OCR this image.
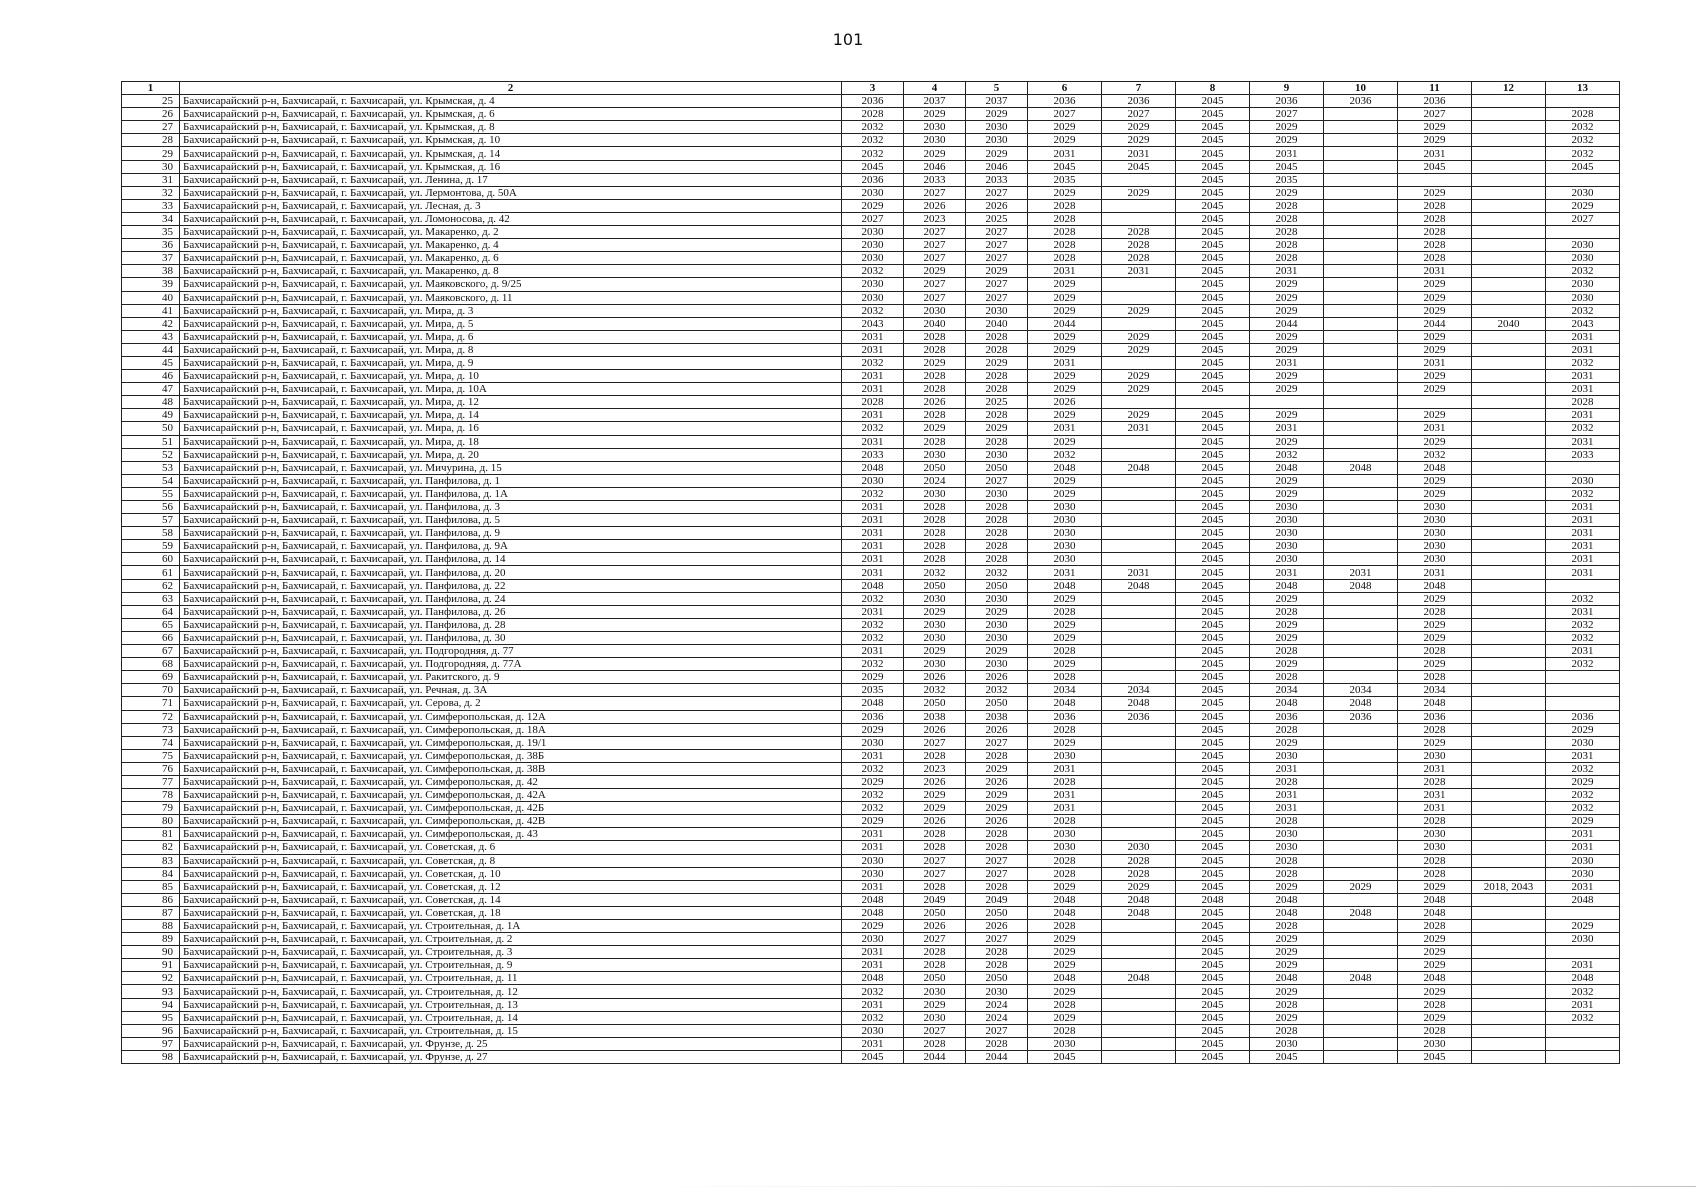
101
1	2	3	4	5	6	7	8	9	10	11	12	13
25	Бахчисарайский р-н, Бахчисарай, г. Бахчисарай, ул. Крымская, д. 4	2036	2037	2037	2036	2036	2045	2036	2036	2036		
26	Бахчисарайский р-н, Бахчисарай, г. Бахчисарай, ул. Крымская, д. 6	2028	2029	2029	2027	2027	2045	2027		2027		2028
27	Бахчисарайский р-н, Бахчисарай, г. Бахчисарай, ул. Крымская, д. 8	2032	2030	2030	2029	2029	2045	2029		2029		2032
28	Бахчисарайский р-н, Бахчисарай, г. Бахчисарай, ул. Крымская, д. 10	2032	2030	2030	2029	2029	2045	2029		2029		2032
29	Бахчисарайский р-н, Бахчисарай, г. Бахчисарай, ул. Крымская, д. 14	2032	2029	2029	2031	2031	2045	2031		2031		2032
30	Бахчисарайский р-н, Бахчисарай, г. Бахчисарай, ул. Крымская, д. 16	2045	2046	2046	2045	2045	2045	2045		2045		2045
31	Бахчисарайский р-н, Бахчисарай, г. Бахчисарай, ул. Ленина, д. 17	2036	2033	2033	2035		2045	2035				
32	Бахчисарайский р-н, Бахчисарай, г. Бахчисарай, ул. Лермонтова, д. 50А	2030	2027	2027	2029	2029	2045	2029		2029		2030
33	Бахчисарайский р-н, Бахчисарай, г. Бахчисарай, ул. Лесная, д. 3	2029	2026	2026	2028		2045	2028		2028		2029
34	Бахчисарайский р-н, Бахчисарай, г. Бахчисарай, ул. Ломоносова, д. 42	2027	2023	2025	2028		2045	2028		2028		2027
35	Бахчисарайский р-н, Бахчисарай, г. Бахчисарай, ул. Макаренко, д. 2	2030	2027	2027	2028	2028	2045	2028		2028		
36	Бахчисарайский р-н, Бахчисарай, г. Бахчисарай, ул. Макаренко, д. 4	2030	2027	2027	2028	2028	2045	2028		2028		2030
37	Бахчисарайский р-н, Бахчисарай, г. Бахчисарай, ул. Макаренко, д. 6	2030	2027	2027	2028	2028	2045	2028		2028		2030
38	Бахчисарайский р-н, Бахчисарай, г. Бахчисарай, ул. Макаренко, д. 8	2032	2029	2029	2031	2031	2045	2031		2031		2032
39	Бахчисарайский р-н, Бахчисарай, г. Бахчисарай, ул. Маяковского, д. 9/25	2030	2027	2027	2029		2045	2029		2029		2030
40	Бахчисарайский р-н, Бахчисарай, г. Бахчисарай, ул. Маяковского, д. 11	2030	2027	2027	2029		2045	2029		2029		2030
41	Бахчисарайский р-н, Бахчисарай, г. Бахчисарай, ул. Мира, д. 3	2032	2030	2030	2029	2029	2045	2029		2029		2032
42	Бахчисарайский р-н, Бахчисарай, г. Бахчисарай, ул. Мира, д. 5	2043	2040	2040	2044		2045	2044		2044	2040	2043
43	Бахчисарайский р-н, Бахчисарай, г. Бахчисарай, ул. Мира, д. 6	2031	2028	2028	2029	2029	2045	2029		2029		2031
44	Бахчисарайский р-н, Бахчисарай, г. Бахчисарай, ул. Мира, д. 8	2031	2028	2028	2029	2029	2045	2029		2029		2031
45	Бахчисарайский р-н, Бахчисарай, г. Бахчисарай, ул. Мира, д. 9	2032	2029	2029	2031		2045	2031		2031		2032
46	Бахчисарайский р-н, Бахчисарай, г. Бахчисарай, ул. Мира, д. 10	2031	2028	2028	2029	2029	2045	2029		2029		2031
47	Бахчисарайский р-н, Бахчисарай, г. Бахчисарай, ул. Мира, д. 10А	2031	2028	2028	2029	2029	2045	2029		2029		2031
48	Бахчисарайский р-н, Бахчисарай, г. Бахчисарай, ул. Мира, д. 12	2028	2026	2025	2026							2028
49	Бахчисарайский р-н, Бахчисарай, г. Бахчисарай, ул. Мира, д. 14	2031	2028	2028	2029	2029	2045	2029		2029		2031
50	Бахчисарайский р-н, Бахчисарай, г. Бахчисарай, ул. Мира, д. 16	2032	2029	2029	2031	2031	2045	2031		2031		2032
51	Бахчисарайский р-н, Бахчисарай, г. Бахчисарай, ул. Мира, д. 18	2031	2028	2028	2029		2045	2029		2029		2031
52	Бахчисарайский р-н, Бахчисарай, г. Бахчисарай, ул. Мира, д. 20	2033	2030	2030	2032		2045	2032		2032		2033
53	Бахчисарайский р-н, Бахчисарай, г. Бахчисарай, ул. Мичурина, д. 15	2048	2050	2050	2048	2048	2045	2048	2048	2048		
54	Бахчисарайский р-н, Бахчисарай, г. Бахчисарай, ул. Панфилова, д. 1	2030	2024	2027	2029		2045	2029		2029		2030
55	Бахчисарайский р-н, Бахчисарай, г. Бахчисарай, ул. Панфилова, д. 1А	2032	2030	2030	2029		2045	2029		2029		2032
56	Бахчисарайский р-н, Бахчисарай, г. Бахчисарай, ул. Панфилова, д. 3	2031	2028	2028	2030		2045	2030		2030		2031
57	Бахчисарайский р-н, Бахчисарай, г. Бахчисарай, ул. Панфилова, д. 5	2031	2028	2028	2030		2045	2030		2030		2031
58	Бахчисарайский р-н, Бахчисарай, г. Бахчисарай, ул. Панфилова, д. 9	2031	2028	2028	2030		2045	2030		2030		2031
59	Бахчисарайский р-н, Бахчисарай, г. Бахчисарай, ул. Панфилова, д. 9А	2031	2028	2028	2030		2045	2030		2030		2031
60	Бахчисарайский р-н, Бахчисарай, г. Бахчисарай, ул. Панфилова, д. 14	2031	2028	2028	2030		2045	2030		2030		2031
61	Бахчисарайский р-н, Бахчисарай, г. Бахчисарай, ул. Панфилова, д. 20	2031	2032	2032	2031	2031	2045	2031	2031	2031		2031
62	Бахчисарайский р-н, Бахчисарай, г. Бахчисарай, ул. Панфилова, д. 22	2048	2050	2050	2048	2048	2045	2048	2048	2048		
63	Бахчисарайский р-н, Бахчисарай, г. Бахчисарай, ул. Панфилова, д. 24	2032	2030	2030	2029		2045	2029		2029		2032
64	Бахчисарайский р-н, Бахчисарай, г. Бахчисарай, ул. Панфилова, д. 26	2031	2029	2029	2028		2045	2028		2028		2031
65	Бахчисарайский р-н, Бахчисарай, г. Бахчисарай, ул. Панфилова, д. 28	2032	2030	2030	2029		2045	2029		2029		2032
66	Бахчисарайский р-н, Бахчисарай, г. Бахчисарай, ул. Панфилова, д. 30	2032	2030	2030	2029		2045	2029		2029		2032
67	Бахчисарайский р-н, Бахчисарай, г. Бахчисарай, ул. Подгородняя, д. 77	2031	2029	2029	2028		2045	2028		2028		2031
68	Бахчисарайский р-н, Бахчисарай, г. Бахчисарай, ул. Подгородняя, д. 77А	2032	2030	2030	2029		2045	2029		2029		2032
69	Бахчисарайский р-н, Бахчисарай, г. Бахчисарай, ул. Ракитского, д. 9	2029	2026	2026	2028		2045	2028		2028		
70	Бахчисарайский р-н, Бахчисарай, г. Бахчисарай, ул. Речная, д. 3А	2035	2032	2032	2034	2034	2045	2034	2034	2034		
71	Бахчисарайский р-н, Бахчисарай, г. Бахчисарай, ул. Серова, д. 2	2048	2050	2050	2048	2048	2045	2048	2048	2048		
72	Бахчисарайский р-н, Бахчисарай, г. Бахчисарай, ул. Симферопольская, д. 12А	2036	2038	2038	2036	2036	2045	2036	2036	2036		2036
73	Бахчисарайский р-н, Бахчисарай, г. Бахчисарай, ул. Симферопольская, д. 18А	2029	2026	2026	2028		2045	2028		2028		2029
74	Бахчисарайский р-н, Бахчисарай, г. Бахчисарай, ул. Симферопольская, д. 19/1	2030	2027	2027	2029		2045	2029		2029		2030
75	Бахчисарайский р-н, Бахчисарай, г. Бахчисарай, ул. Симферопольская, д. 38Б	2031	2028	2028	2030		2045	2030		2030		2031
76	Бахчисарайский р-н, Бахчисарай, г. Бахчисарай, ул. Симферопольская, д. 38В	2032	2023	2029	2031		2045	2031		2031		2032
77	Бахчисарайский р-н, Бахчисарай, г. Бахчисарай, ул. Симферопольская, д. 42	2029	2026	2026	2028		2045	2028		2028		2029
78	Бахчисарайский р-н, Бахчисарай, г. Бахчисарай, ул. Симферопольская, д. 42А	2032	2029	2029	2031		2045	2031		2031		2032
79	Бахчисарайский р-н, Бахчисарай, г. Бахчисарай, ул. Симферопольская, д. 42Б	2032	2029	2029	2031		2045	2031		2031		2032
80	Бахчисарайский р-н, Бахчисарай, г. Бахчисарай, ул. Симферопольская, д. 42В	2029	2026	2026	2028		2045	2028		2028		2029
81	Бахчисарайский р-н, Бахчисарай, г. Бахчисарай, ул. Симферопольская, д. 43	2031	2028	2028	2030		2045	2030		2030		2031
82	Бахчисарайский р-н, Бахчисарай, г. Бахчисарай, ул. Советская, д. 6	2031	2028	2028	2030	2030	2045	2030		2030		2031
83	Бахчисарайский р-н, Бахчисарай, г. Бахчисарай, ул. Советская, д. 8	2030	2027	2027	2028	2028	2045	2028		2028		2030
84	Бахчисарайский р-н, Бахчисарай, г. Бахчисарай, ул. Советская, д. 10	2030	2027	2027	2028	2028	2045	2028		2028		2030
85	Бахчисарайский р-н, Бахчисарай, г. Бахчисарай, ул. Советская, д. 12	2031	2028	2028	2029	2029	2045	2029	2029	2029	2018, 2043	2031
86	Бахчисарайский р-н, Бахчисарай, г. Бахчисарай, ул. Советская, д. 14	2048	2049	2049	2048	2048	2048	2048		2048		2048
87	Бахчисарайский р-н, Бахчисарай, г. Бахчисарай, ул. Советская, д. 18	2048	2050	2050	2048	2048	2045	2048	2048	2048		
88	Бахчисарайский р-н, Бахчисарай, г. Бахчисарай, ул. Строительная, д. 1А	2029	2026	2026	2028		2045	2028		2028		2029
89	Бахчисарайский р-н, Бахчисарай, г. Бахчисарай, ул. Строительная, д. 2	2030	2027	2027	2029		2045	2029		2029		2030
90	Бахчисарайский р-н, Бахчисарай, г. Бахчисарай, ул. Строительная, д. 3	2031	2028	2028	2029		2045	2029		2029		
91	Бахчисарайский р-н, Бахчисарай, г. Бахчисарай, ул. Строительная, д. 9	2031	2028	2028	2029		2045	2029		2029		2031
92	Бахчисарайский р-н, Бахчисарай, г. Бахчисарай, ул. Строительная, д. 11	2048	2050	2050	2048	2048	2045	2048	2048	2048		2048
93	Бахчисарайский р-н, Бахчисарай, г. Бахчисарай, ул. Строительная, д. 12	2032	2030	2030	2029		2045	2029		2029		2032
94	Бахчисарайский р-н, Бахчисарай, г. Бахчисарай, ул. Строительная, д. 13	2031	2029	2024	2028		2045	2028		2028		2031
95	Бахчисарайский р-н, Бахчисарай, г. Бахчисарай, ул. Строительная, д. 14	2032	2030	2024	2029		2045	2029		2029		2032
96	Бахчисарайский р-н, Бахчисарай, г. Бахчисарай, ул. Строительная, д. 15	2030	2027	2027	2028		2045	2028		2028		
97	Бахчисарайский р-н, Бахчисарай, г. Бахчисарай, ул. Фрунзе, д. 25	2031	2028	2028	2030		2045	2030		2030		
98	Бахчисарайский р-н, Бахчисарай, г. Бахчисарай, ул. Фрунзе, д. 27	2045	2044	2044	2045		2045	2045		2045		
